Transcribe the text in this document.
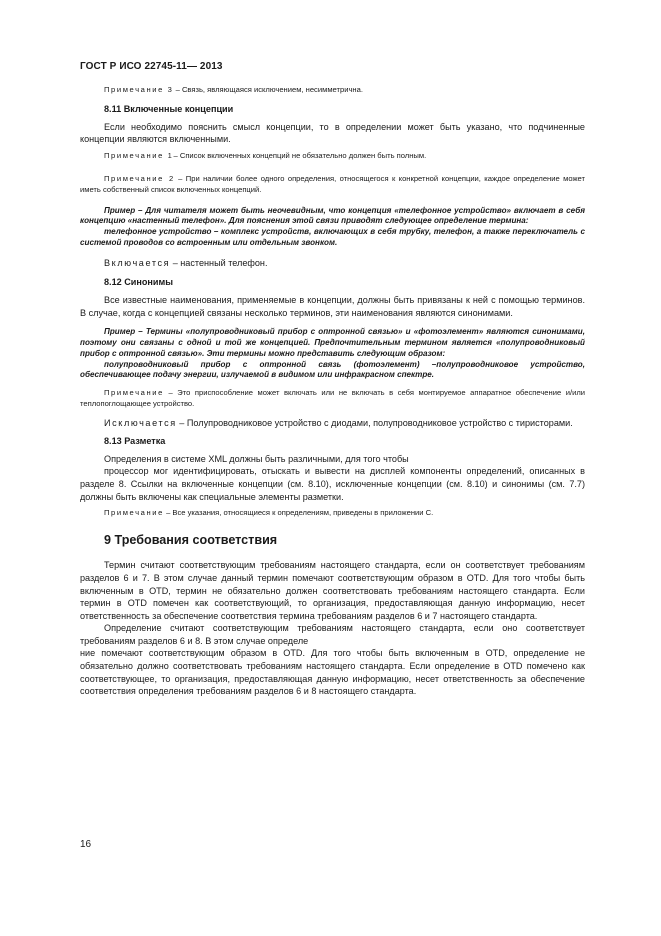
ГОСТ Р ИСО 22745-11— 2013

Примечание 3 – Связь, являющаяся исключением, несимметрична.

8.11 Включенные концепции

Если необходимо пояснить смысл концепции, то в определении может быть указано, что подчиненные концепции являются включенными.

Примечание 1– Список включенных концепций не обязательно должен быть полным.

Примечание 2 – При наличии более одного определения, относящегося к конкретной концепции, каждое определение может иметь собственный список включенных концепций.

Пример – Для читателя может быть неочевидным, что концепция «телефонное устройство» включает в себя концепцию «настенный телефон». Для пояснения этой связи приводят следующее определение термина:

телефонное устройство – комплекс устройств, включающих в себя трубку, телефон, а также переключатель с системой проводов со встроенным или отдельным звонком.

Включается – настенный телефон.

8.12 Синонимы

Все известные наименования, применяемые в концепции, должны быть привязаны к ней с помощью терминов. В случае, когда с концепцией связаны несколько терминов, эти наименования являются синонимами.

Пример – Термины «полупроводниковый прибор с оптронной связью» и «фотоэлемент» являются синонимами, поэтому они связаны с одной и той же концепцией. Предпочтительным термином является «полупроводниковый прибор с оптронной связью». Эти термины можно представить следующим образом:

полупроводниковый прибор с оптронной связь (фотоэлемент) –полупроводниковое устройство, обеспечивающее подачу энергии, излучаемой в видимом или инфракрасном спектре.

Примечание – Это приспособление может включать или не включать в себя монтируемое аппаратное обеспечение и/или теплопоглощающее устройство.

Исключается – Полупроводниковое устройство с диодами, полупроводниковое устройство с тиристорами.

8.13 Разметка

Определения в системе XML должны быть различными, для того чтобы

процессор мог идентифицировать, отыскать и вывести на дисплей компоненты определений, описанных в разделе 8. Ссылки на включенные концепции (см. 8.10), исключенные концепции (см. 8.10) и синонимы (см. 7.7) должны быть включены как специальные элементы разметки.

Примечание – Все указания, относящиеся к определениям, приведены в приложении С.

9 Требования соответствия

Термин считают соответствующим требованиям настоящего стандарта, если он соответствует требованиям разделов 6 и 7. В этом случае данный термин помечают соответствующим образом в OTD. Для того чтобы быть включенным в OTD, термин не обязательно должен соответствовать требованиям настоящего стандарта. Если термин в OTD помечен как соответствующий, то организация, предоставляющая данную информацию, несет ответственность за обеспечение соответствия термина требованиям разделов 6 и 7 настоящего стандарта.

Определение считают соответствующим требованиям настоящего стандарта, если оно соответствует требованиям разделов 6 и 8. В этом случае определе

ние помечают соответствующим образом в OTD. Для того чтобы быть включенным в OTD, определение не обязательно должно соответствовать требованиям настоящего стандарта. Если определение в OTD помечено как соответствующее, то организация, предоставляющая данную информацию, несет ответственность за обеспечение соответствия определения требованиям разделов 6 и 8 настоящего стандарта.

16
